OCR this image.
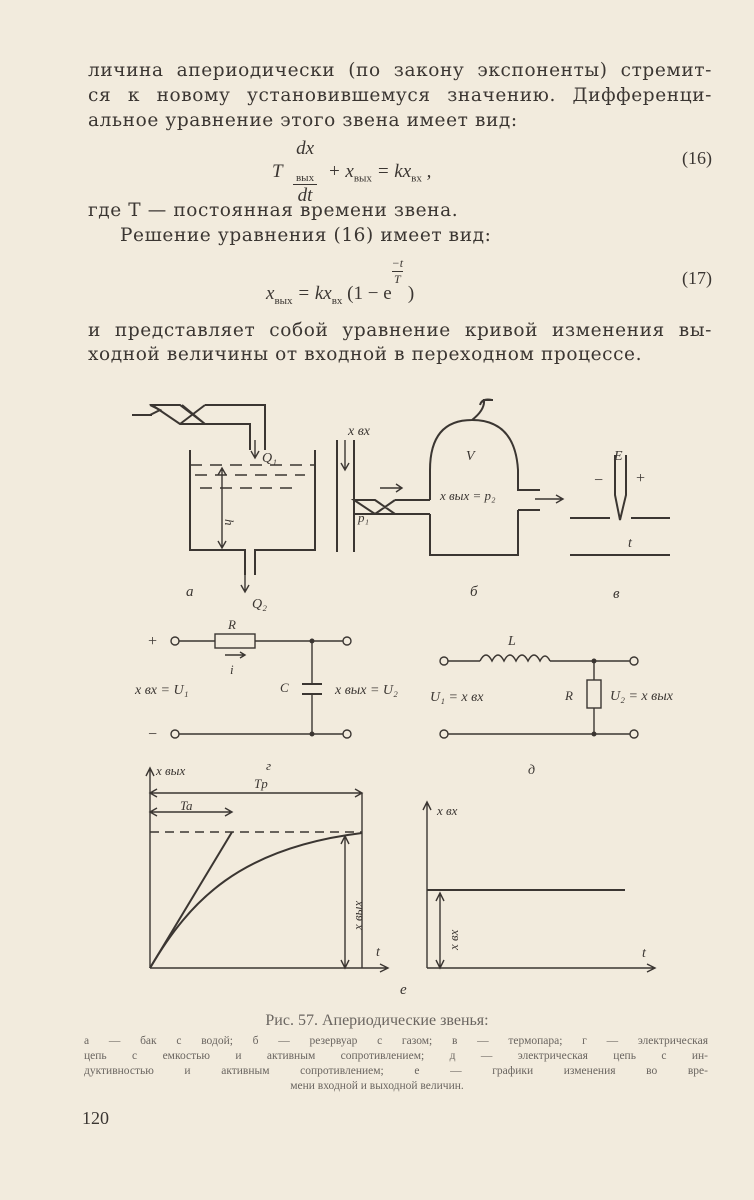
личина апериодически (по закону экспоненты) стремит-
ся к новому установившемуся значению. Дифференци-
альное уравнение этого звена имеет вид:
T dx
$_{вых}$
dt + $x_{вых} = kx_{вх}$ ,
(16)
где T — постоянная времени звена.
Решение уравнения (16) имеет вид:
$x_{вых} = kx_{вх}$ (1 − e
$\frac{-t}{T}$ )
(17)
и представляет собой уравнение кривой изменения вы-
ходной величины от входной в переходном процессе.
Q₁
h
Q₂
а
x вх
p₁
V
x вых = p₂
б
E
− +
t
в
+
−
R
i
C
x вх = U₁	x вых = U₂
г
L
R
U₁ = x вх	U₂ = x вых
д
x вых
Tp
Ta
x вых
t
x вх
x вх
t
е
Рис. 57. Апериодические звенья:
а — бак с водой; б — резервуар с газом; в — термопара; г — электрическая
цепь с емкостью и активным сопротивлением; д — электрическая цепь с ин-
дуктивностью и активным сопротивлением; е — графики изменения во вре-
мени входной и выходной величин.
120
